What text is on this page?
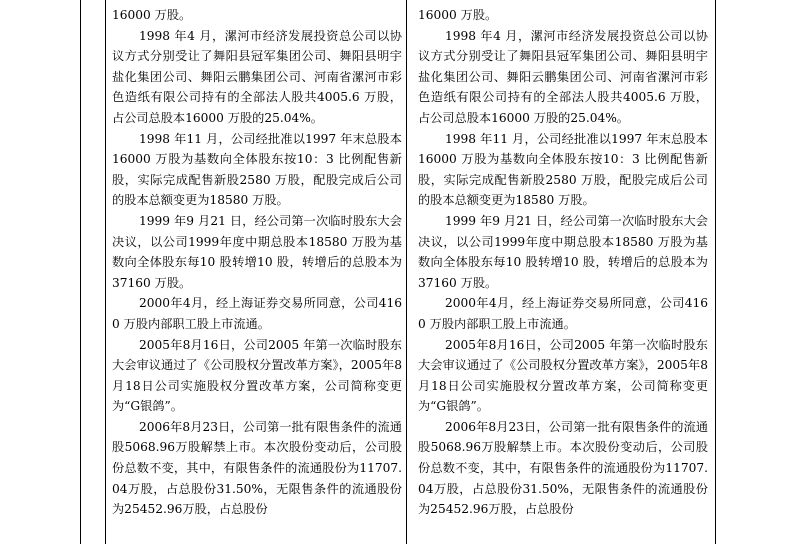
16000 万股。

1998 年4 月，漯河市经济发展投资总公司以协议方式分别受让了舞阳县冠军集团公司、舞阳县明宇盐化集团公司、舞阳云鹏集团公司、河南省漯河市彩色造纸有限公司持有的全部法人股共4005.6 万股，占公司总股本16000 万股的25.04%。

1998 年11 月，公司经批准以1997 年末总股本16000 万股为基数向全体股东按10：3 比例配售新股，实际完成配售新股2580 万股，配股完成后公司的股本总额变更为18580 万股。

1999 年9 月21 日，经公司第一次临时股东大会决议，以公司1999年度中期总股本18580 万股为基数向全体股东每10 股转增10 股，转增后的总股本为37160 万股。

2000年4月，经上海证券交易所同意，公司4160 万股内部职工股上市流通。

2005年8月16日，公司2005 年第一次临时股东大会审议通过了《公司股权分置改革方案》，2005年8月18日公司实施股权分置改革方案，公司简称变更为“G银鸽”。

2006年8月23日，公司第一批有限售条件的流通股5068.96万股解禁上市。本次股份变动后，公司股份总数不变，其中，有限售条件的流通股份为11707.04万股，占总股份31.50%，无限售条件的流通股份为25452.96万股，占总股份

16000 万股。

1998 年4 月，漯河市经济发展投资总公司以协议方式分别受让了舞阳县冠军集团公司、舞阳县明宇盐化集团公司、舞阳云鹏集团公司、河南省漯河市彩色造纸有限公司持有的全部法人股共4005.6 万股，占公司总股本16000 万股的25.04%。

1998 年11 月，公司经批准以1997 年末总股本16000 万股为基数向全体股东按10：3 比例配售新股，实际完成配售新股2580 万股，配股完成后公司的股本总额变更为18580 万股。

1999 年9 月21 日，经公司第一次临时股东大会决议，以公司1999年度中期总股本18580 万股为基数向全体股东每10 股转增10 股，转增后的总股本为37160 万股。

2000年4月，经上海证券交易所同意，公司4160 万股内部职工股上市流通。

2005年8月16日，公司2005 年第一次临时股东大会审议通过了《公司股权分置改革方案》，2005年8月18日公司实施股权分置改革方案，公司简称变更为“G银鸽”。

2006年8月23日，公司第一批有限售条件的流通股5068.96万股解禁上市。本次股份变动后，公司股份总数不变，其中，有限售条件的流通股份为11707.04万股，占总股份31.50%，无限售条件的流通股份为25452.96万股，占总股份
